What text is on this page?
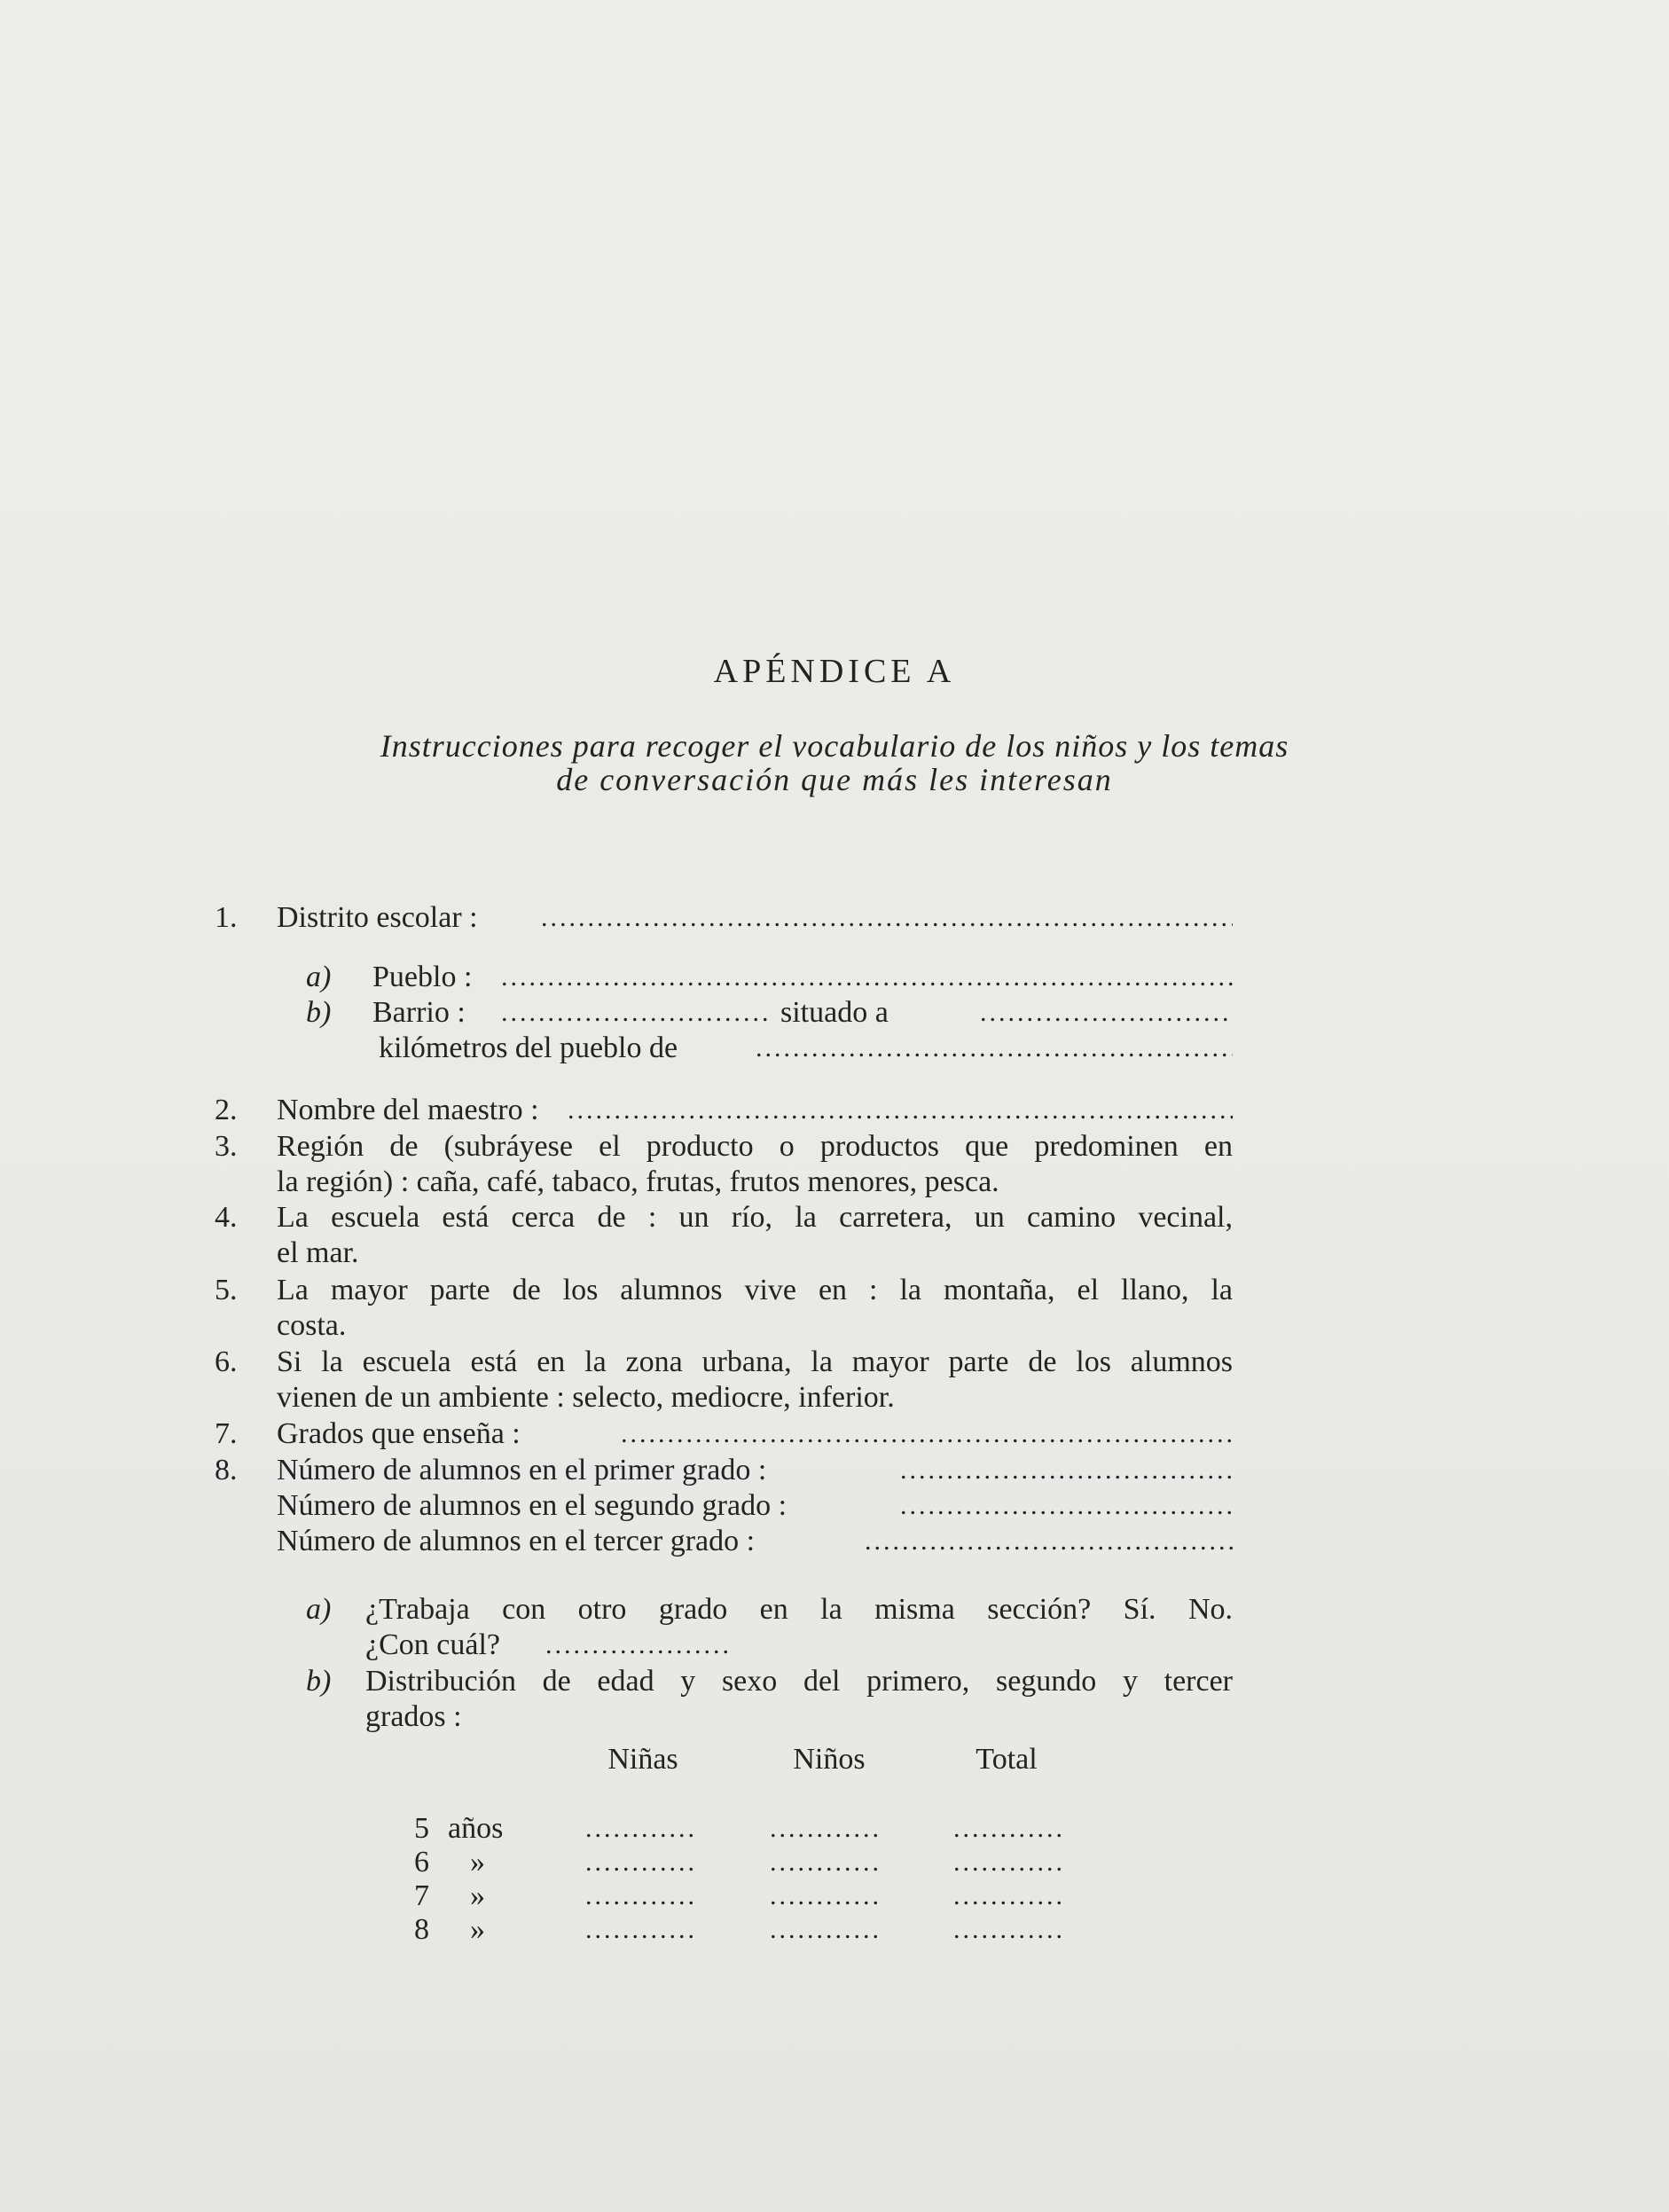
APÉNDICE A
Instrucciones para recoger el vocabulario de los niños y los temas
de conversación que más les interesan
1. Distrito escolar :
.....
a) Pueblo :
.....
b) Barrio :
.....	situado a
.....
kilómetros del pueblo de
.....
2. Nombre del maestro :
.....
3. Región de (subráyese el producto o productos que predominen en
la región) : caña, café, tabaco, frutas, frutos menores, pesca.
4. La escuela está cerca de : un río, la carretera, un camino vecinal,
el mar.
5. La mayor parte de los alumnos vive en : la montaña, el llano, la
costa.
6. Si la escuela está en la zona urbana, la mayor parte de los alumnos
vienen de un ambiente : selecto, mediocre, inferior.
7. Grados que enseña :
.....
8. Número de alumnos en el primer grado :
.....
Número de alumnos en el segundo grado :
.....
Número de alumnos en el tercer grado :
.....
a) ¿Trabaja con otro grado en la misma sección? Sí. No.
¿Con cuál?
.....
b) Distribución de edad y sexo del primero, segundo y tercer
grados :
Niñas	Niños	Total
5 años
.....
.....
.....
6 »
.....
.....
.....
7 »
.....
.....
.....
8 »
.....
.....
.....
